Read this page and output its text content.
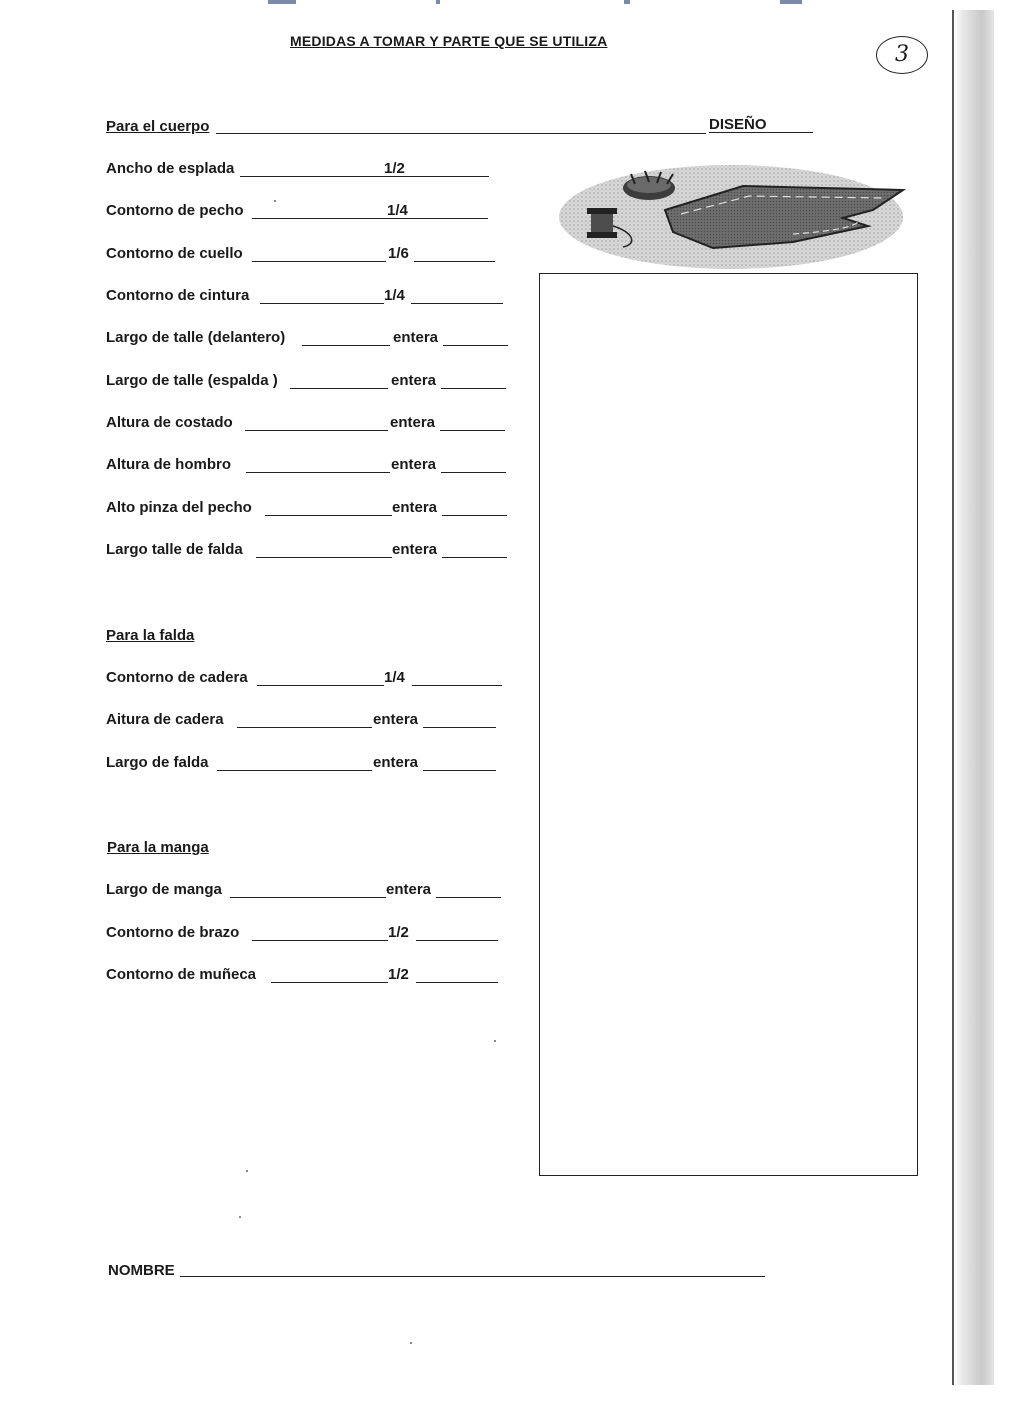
MEDIDAS A TOMAR Y PARTE QUE SE UTILIZA
3
Para el cuerpo	DISEÑO
Ancho de esplada	1/2
Contorno de pecho	1/4
Contorno de cuello	1/6
Contorno de cintura	1/4
Largo de talle (delantero)	entera
Largo de talle (espalda )	entera
Altura de costado	entera
Altura de hombro	entera
Alto pinza del pecho	entera
Largo talle de falda	entera
Para la falda
Contorno de cadera	1/4
Aitura de cadera	entera
Largo de falda	entera
Para la manga
Largo de manga	entera
Contorno de brazo	1/2
Contorno de muñeca	1/2
NOMBRE
